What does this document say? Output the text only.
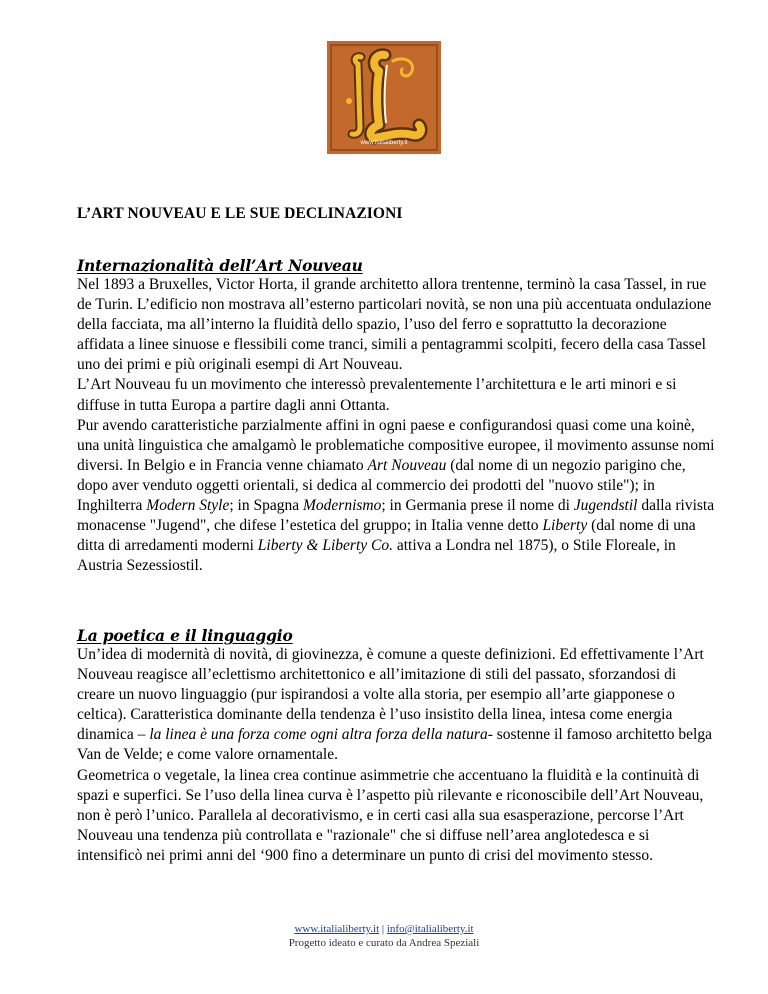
www.italialiberty.it
L’ART NOUVEAU E LE SUE DECLINAZIONI
Internazionalità dell’Art Nouveau

Nel 1893 a Bruxelles, Victor Horta, il grande architetto allora trentenne, terminò la casa Tassel, in rue de Turin. L’edificio non mostrava all’esterno particolari novità, se non una più accentuata ondulazione della facciata, ma all’interno la fluidità dello spazio, l’uso del ferro e soprattutto la decorazione affidata a linee sinuose e flessibili come tranci, simili a pentagrammi scolpiti, fecero della casa Tassel uno dei primi e più originali esempi di Art Nouveau.

L’Art Nouveau fu un movimento che interessò prevalentemente l’architettura e le arti minori e si diffuse in tutta Europa a partire dagli anni Ottanta.

Pur avendo caratteristiche parzialmente affini in ogni paese e configurandosi quasi come una koinè, una unità linguistica che amalgamò le problematiche compositive europee, il movimento assunse nomi diversi. In Belgio e in Francia venne chiamato Art Nouveau (dal nome di un negozio parigino che, dopo aver venduto oggetti orientali, si dedica al commercio dei prodotti del "nuovo stile"); in Inghilterra Modern Style; in Spagna Modernismo; in Germania prese il nome di Jugendstil dalla rivista monacense "Jugend", che difese l’estetica del gruppo; in Italia venne detto Liberty (dal nome di una ditta di arredamenti moderni Liberty & Liberty Co. attiva a Londra nel 1875), o Stile Floreale, in Austria Sezessiostil.

La poetica e il linguaggio

Un’idea di modernità di novità, di giovinezza, è comune a queste definizioni. Ed effettivamente l’Art Nouveau reagisce all’eclettismo architettonico e all’imitazione di stili del passato, sforzandosi di creare un nuovo linguaggio (pur ispirandosi a volte alla storia, per esempio all’arte giapponese o celtica). Caratteristica dominante della tendenza è l’uso insistito della linea, intesa come energia dinamica – la linea è una forza come ogni altra forza della natura- sostenne il famoso architetto belga Van de Velde; e come valore ornamentale.

Geometrica o vegetale, la linea crea continue asimmetrie che accentuano la fluidità e la continuità di spazi e superfici. Se l’uso della linea curva è l’aspetto più rilevante e riconoscibile dell’Art Nouveau, non è però l’unico. Parallela al decorativismo, e in certi casi alla sua esasperazione, percorse l’Art Nouveau una tendenza più controllata e "razionale" che si diffuse nell’area anglotedesca e si intensificò nei primi anni del ‘900 fino a determinare un punto di crisi del movimento stesso.

www.italialiberty.it | info@italialiberty.it
Progetto ideato e curato da Andrea Speziali
